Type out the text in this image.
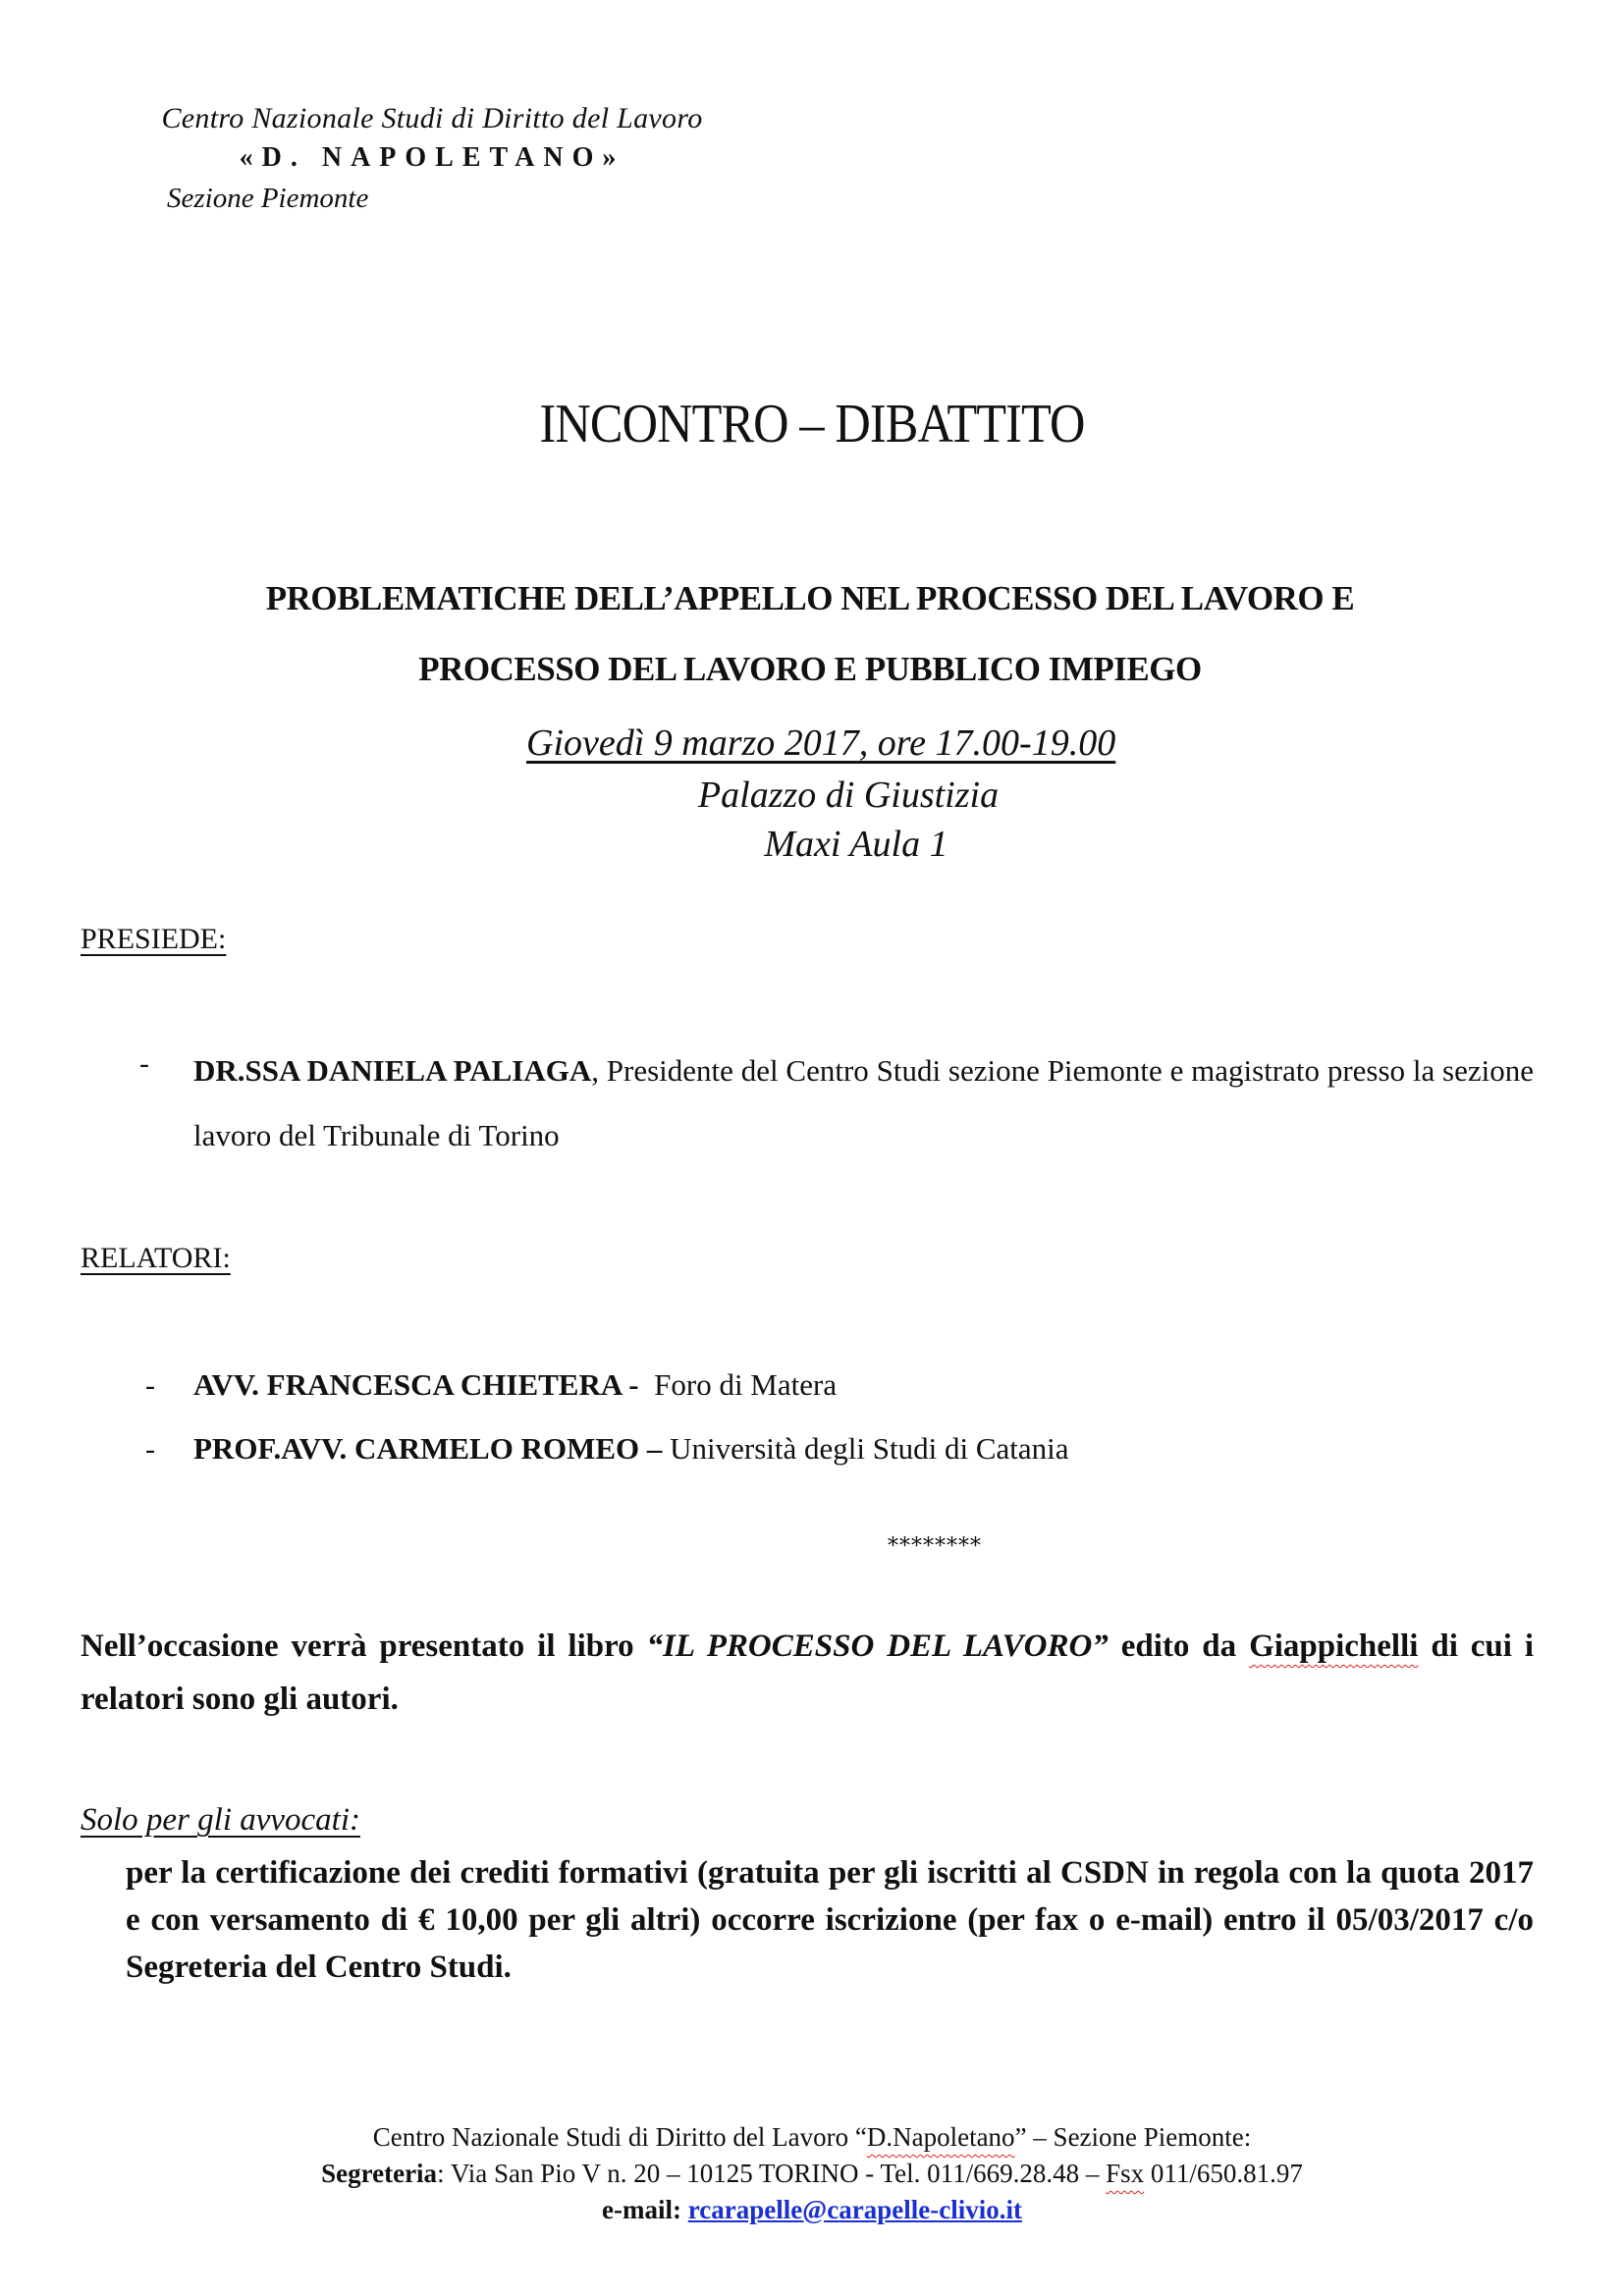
Centro Nazionale Studi di Diritto del Lavoro
«D. NAPOLETANO»
Sezione Piemonte
INCONTRO – DIBATTITO
PROBLEMATICHE DELL’APPELLO NEL PROCESSO DEL LAVORO E
PROCESSO DEL LAVORO E PUBBLICO IMPIEGO
Giovedì 9 marzo 2017, ore 17.00-19.00
Palazzo di Giustizia
Maxi Aula 1
PRESIEDE:
- DR.SSA DANIELA PALIAGA, Presidente del Centro Studi sezione Piemonte e magistrato presso la sezione lavoro del Tribunale di Torino
RELATORI:
- AVV. FRANCESCA CHIETERA -  Foro di Matera
- PROF.AVV. CARMELO ROMEO – Università degli Studi di Catania
********
Nell’occasione verrà presentato il libro “IL PROCESSO DEL LAVORO” edito da Giappichelli di cui i relatori sono gli autori.
Solo per gli avvocati:
per la certificazione dei crediti formativi (gratuita per gli iscritti al CSDN in regola con la quota 2017 e con versamento di € 10,00 per gli altri) occorre iscrizione (per fax o e-mail) entro il 05/03/2017 c/o Segreteria del Centro Studi.
Centro Nazionale Studi di Diritto del Lavoro “D.Napoletano” – Sezione Piemonte:
Segreteria: Via San Pio V n. 20 – 10125 TORINO - Tel. 011/669.28.48 – Fsx 011/650.81.97
e-mail: rcarapelle@carapelle-clivio.it
